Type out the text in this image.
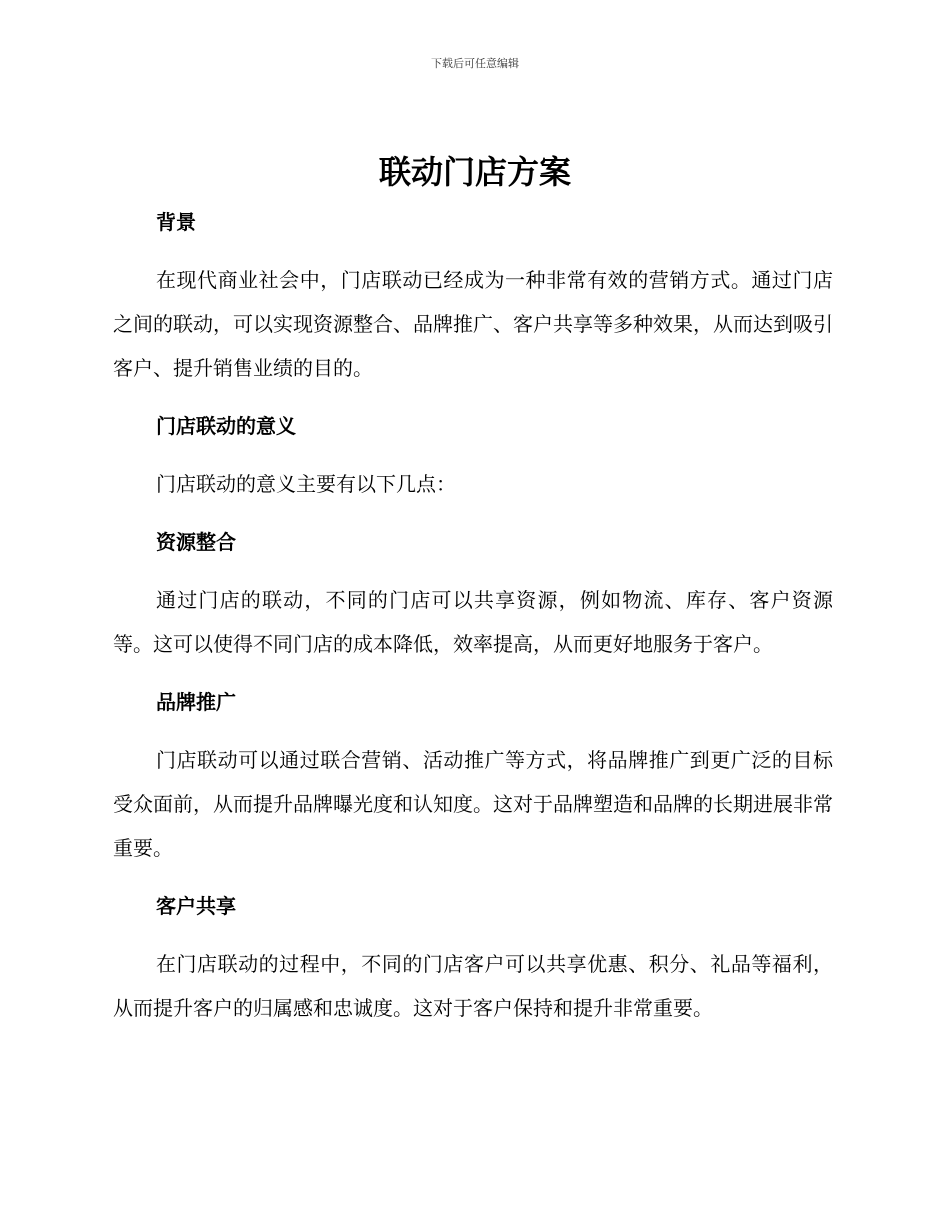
下载后可任意编辑
联动门店方案
背景
在现代商业社会中，门店联动已经成为一种非常有效的营销方式。通过门店之间的联动，可以实现资源整合、品牌推广、客户共享等多种效果，从而达到吸引客户、提升销售业绩的目的。
门店联动的意义
门店联动的意义主要有以下几点：
资源整合
通过门店的联动，不同的门店可以共享资源，例如物流、库存、客户资源等。这可以使得不同门店的成本降低，效率提高，从而更好地服务于客户。
品牌推广
门店联动可以通过联合营销、活动推广等方式，将品牌推广到更广泛的目标受众面前，从而提升品牌曝光度和认知度。这对于品牌塑造和品牌的长期进展非常重要。
客户共享
在门店联动的过程中，不同的门店客户可以共享优惠、积分、礼品等福利，从而提升客户的归属感和忠诚度。这对于客户保持和提升非常重要。
